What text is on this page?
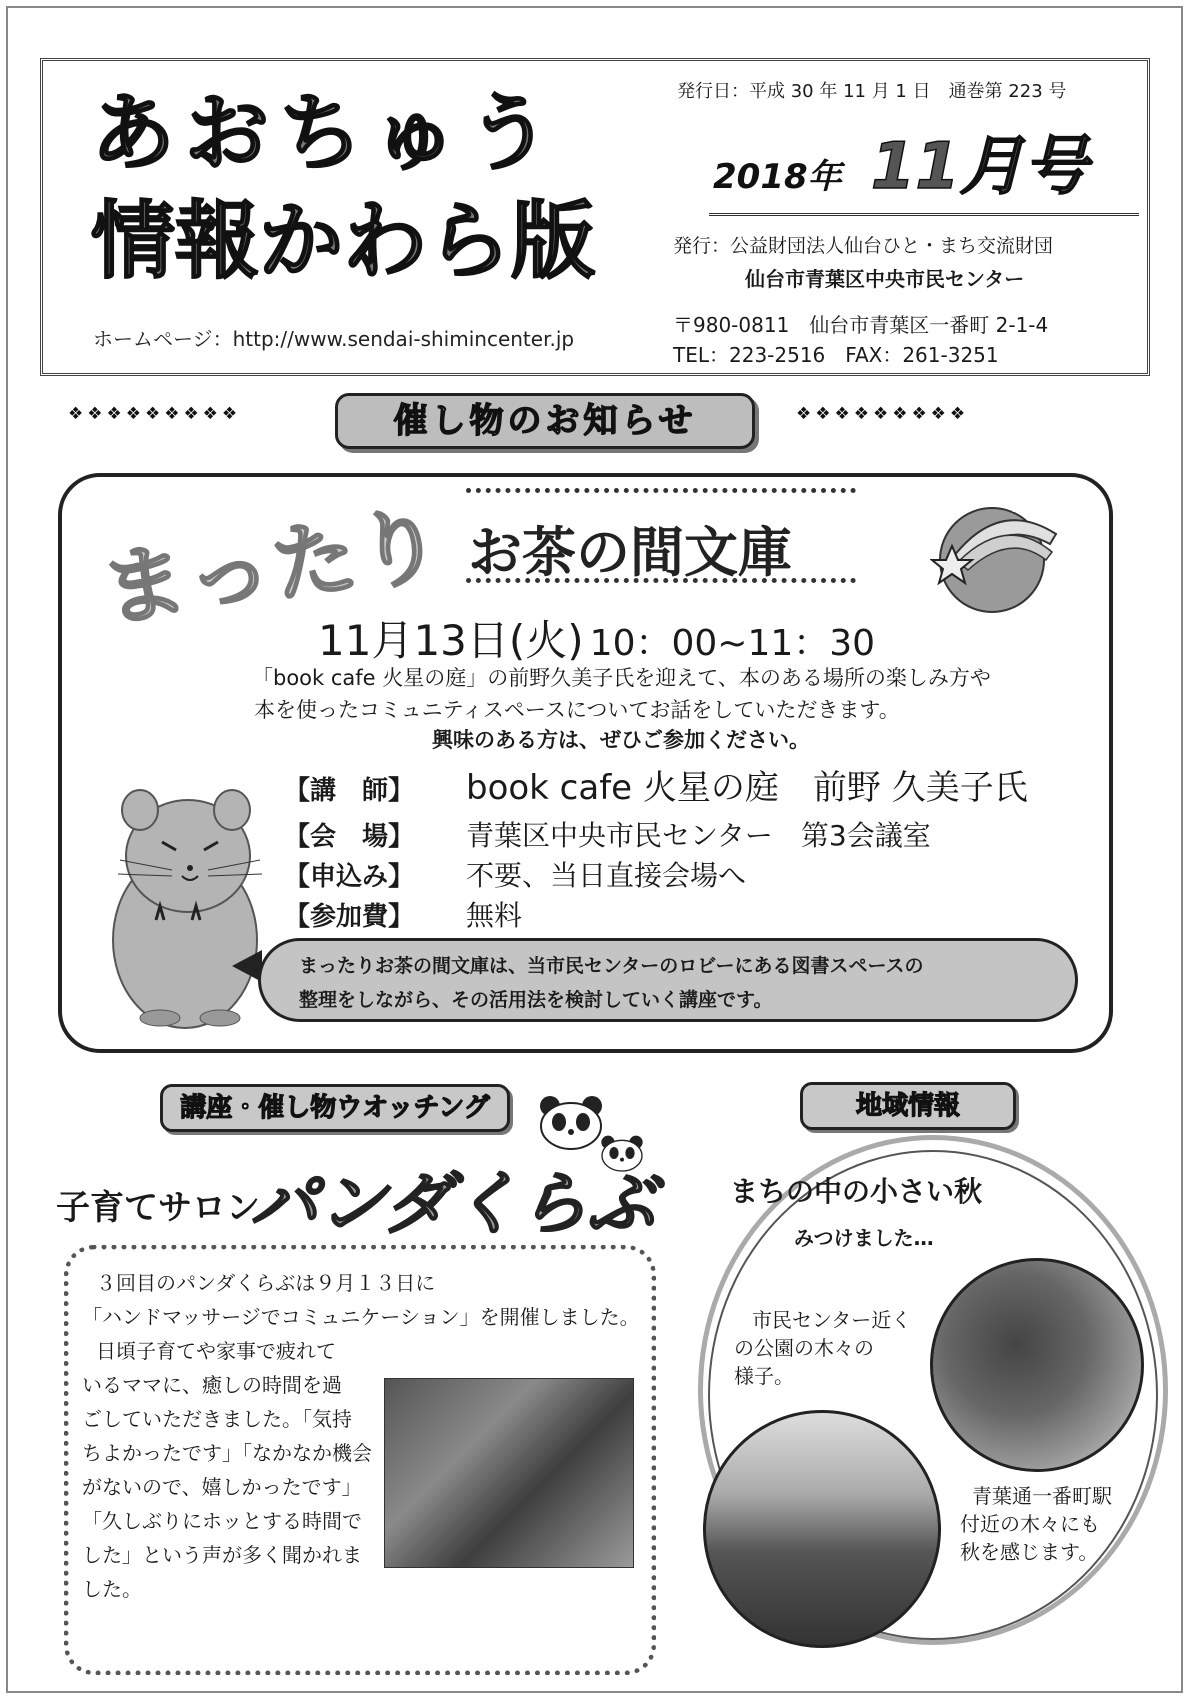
あおちゅう
情報かわら版
ホームページ：http://www.sendai-shimincenter.jp
発行日：平成 30 年 11 月 1 日　通巻第 223 号
2018年 11月号
発行：公益財団法人仙台ひと・まち交流財団
仙台市青葉区中央市民センター
〒980-0811　仙台市青葉区一番町 2-1-4
TEL：223-2516　FAX：261-3251
❖❖❖❖❖❖❖❖❖	催し物のお知らせ	❖❖❖❖❖❖❖❖❖
まったり お茶の間文庫
11月13日(火) 10：00~11：30
「book cafe 火星の庭」の前野久美子氏を迎えて、本のある場所の楽しみ方や
本を使ったコミュニティスペースについてお話をしていただきます。
興味のある方は、ぜひご参加ください。
【講　師】 book cafe 火星の庭　前野 久美子氏
【会　場】 青葉区中央市民センター　第3会議室
【申込み】 不要、当日直接会場へ
【参加費】 無料
まったりお茶の間文庫は、当市民センターのロビーにある図書スペースの
整理をしながら、その活用法を検討していく講座です。
講座・催し物ウオッチング
子育てサロン
パンダくらぶ
３回目のパンダくらぶは９月１３日に
「ハンドマッサージでコミュニケーション」を開催しました。
日頃子育てや家事で疲れて
いるママに、癒しの時間を過
ごしていただきました。「気持
ちよかったです」「なかなか機会
がないので、嬉しかったです」
「久しぶりにホッとする時間で
した」という声が多く聞かれま
した。
地域情報
まちの中の小さい秋
みつけました…
市民センター近く
の公園の木々の
様子。
青葉通一番町駅
付近の木々にも
秋を感じます。
